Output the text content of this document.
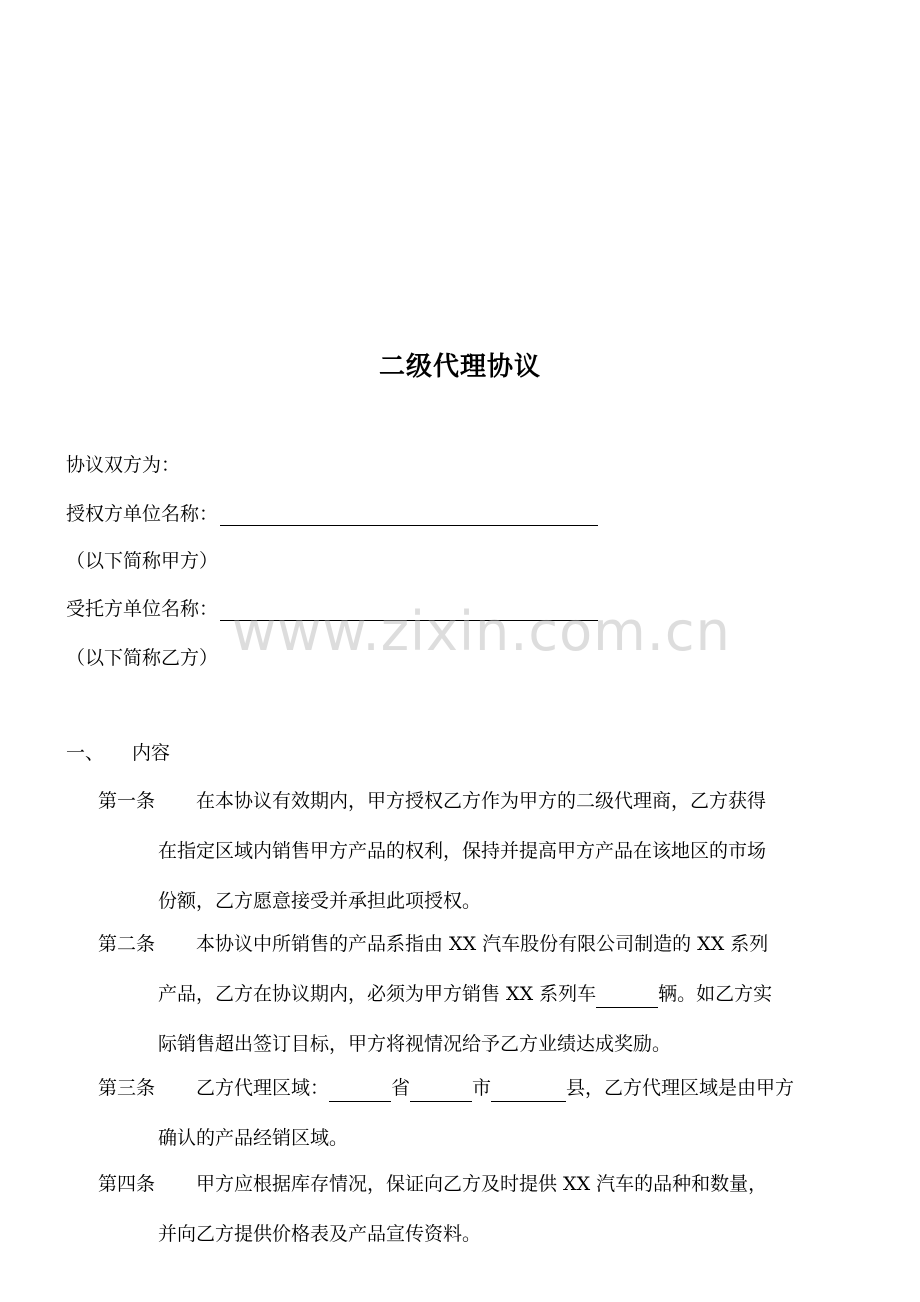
二级代理协议
协议双方为：
授权方单位名称：
（以下简称甲方）
受托方单位名称：
（以下简称乙方） www.zixin.com.cn
一、 内容
第一条 在本协议有效期内，甲方授权乙方作为甲方的二级代理商，乙方获得
在指定区域内销售甲方产品的权利，保持并提高甲方产品在该地区的市场
份额，乙方愿意接受并承担此项授权。
第二条 本协议中所销售的产品系指由 XX 汽车股份有限公司制造的 XX 系列
产品，乙方在协议期内，必须为甲方销售 XX 系列车	辆。如乙方实
际销售超出签订目标，甲方将视情况给予乙方业绩达成奖励。
第三条 乙方代理区域：	省	市	县，乙方代理区域是由甲方
确认的产品经销区域。
第四条 甲方应根据库存情况，保证向乙方及时提供 XX 汽车的品种和数量，
并向乙方提供价格表及产品宣传资料。
